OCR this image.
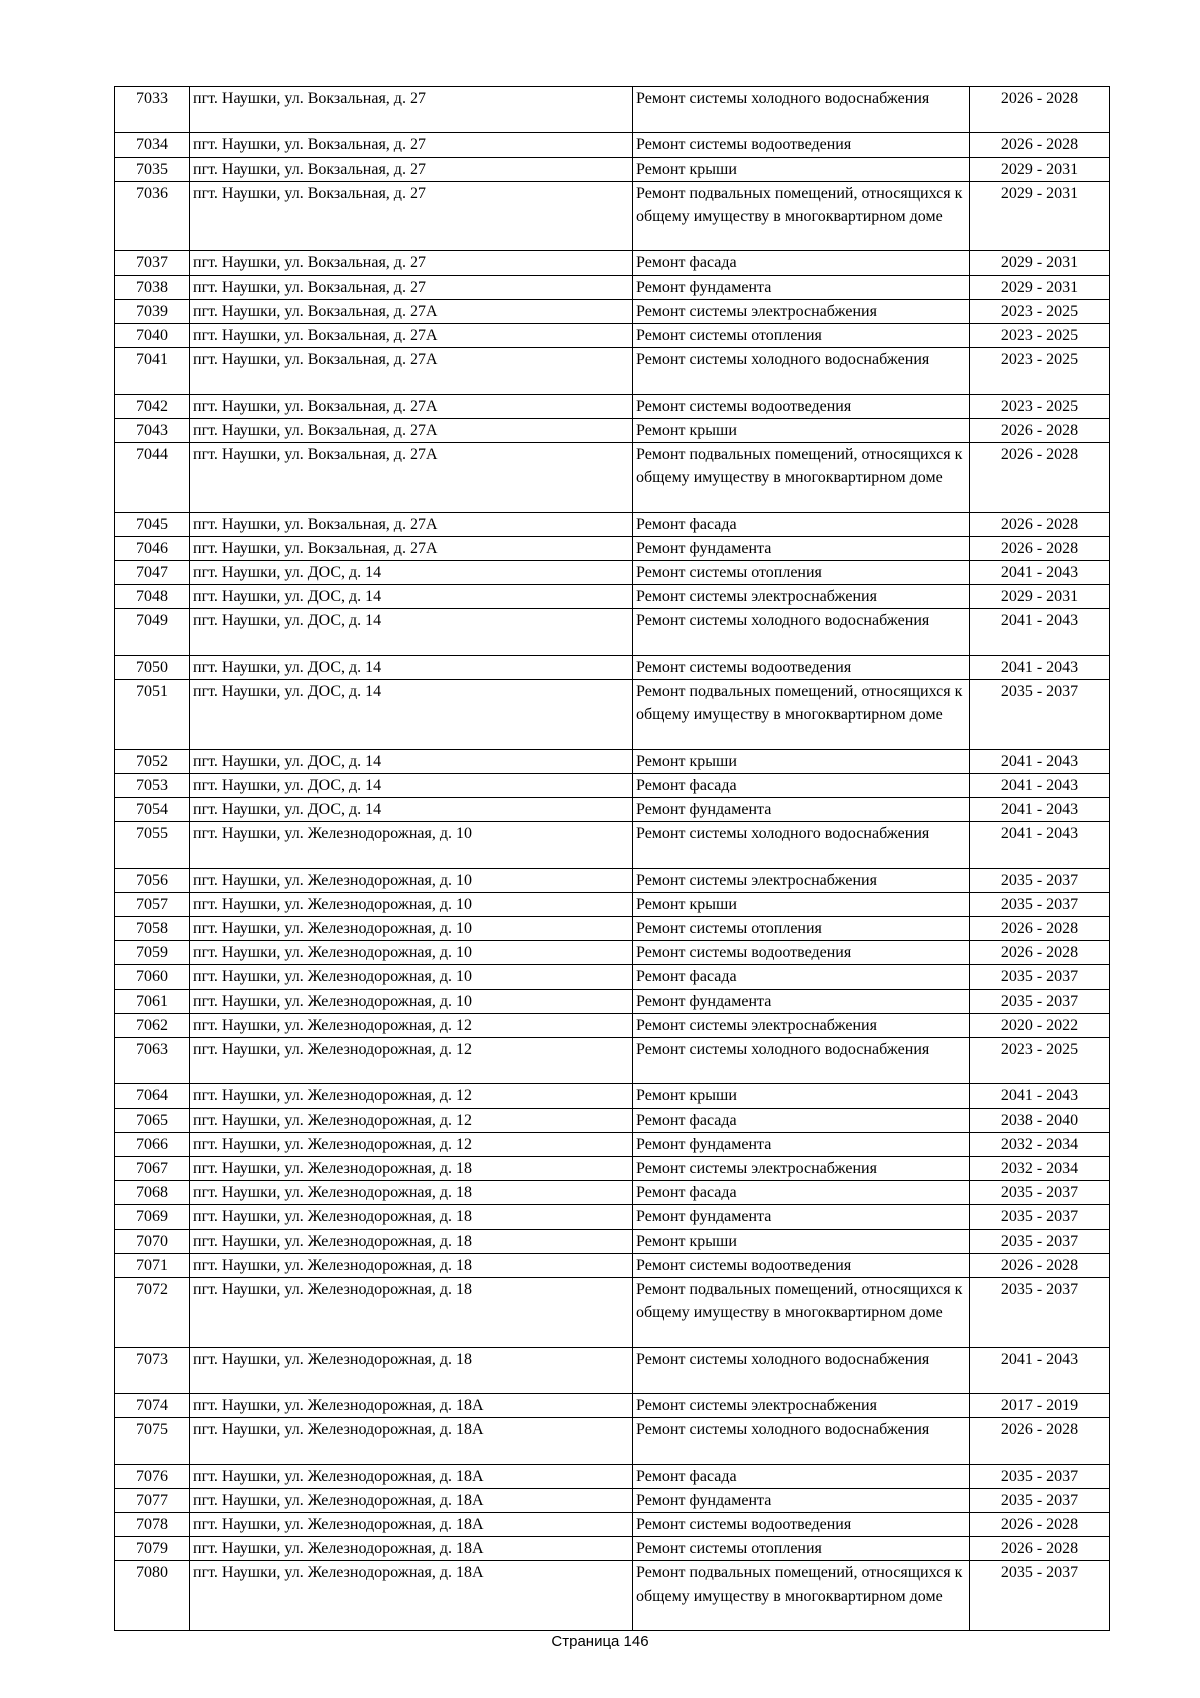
7033	пгт. Наушки, ул. Вокзальная, д. 27	Ремонт системы холодного водоснабжения	2026 - 2028
7034	пгт. Наушки, ул. Вокзальная, д. 27	Ремонт системы водоотведения	2026 - 2028
7035	пгт. Наушки, ул. Вокзальная, д. 27	Ремонт крыши	2029 - 2031
7036	пгт. Наушки, ул. Вокзальная, д. 27	Ремонт подвальных помещений, относящихся к общему имуществу в многоквартирном доме	2029 - 2031
7037	пгт. Наушки, ул. Вокзальная, д. 27	Ремонт фасада	2029 - 2031
7038	пгт. Наушки, ул. Вокзальная, д. 27	Ремонт фундамента	2029 - 2031
7039	пгт. Наушки, ул. Вокзальная, д. 27А	Ремонт системы электроснабжения	2023 - 2025
7040	пгт. Наушки, ул. Вокзальная, д. 27А	Ремонт системы отопления	2023 - 2025
7041	пгт. Наушки, ул. Вокзальная, д. 27А	Ремонт системы холодного водоснабжения	2023 - 2025
7042	пгт. Наушки, ул. Вокзальная, д. 27А	Ремонт системы водоотведения	2023 - 2025
7043	пгт. Наушки, ул. Вокзальная, д. 27А	Ремонт крыши	2026 - 2028
7044	пгт. Наушки, ул. Вокзальная, д. 27А	Ремонт подвальных помещений, относящихся к общему имуществу в многоквартирном доме	2026 - 2028
7045	пгт. Наушки, ул. Вокзальная, д. 27А	Ремонт фасада	2026 - 2028
7046	пгт. Наушки, ул. Вокзальная, д. 27А	Ремонт фундамента	2026 - 2028
7047	пгт. Наушки, ул. ДОС, д. 14	Ремонт системы отопления	2041 - 2043
7048	пгт. Наушки, ул. ДОС, д. 14	Ремонт системы электроснабжения	2029 - 2031
7049	пгт. Наушки, ул. ДОС, д. 14	Ремонт системы холодного водоснабжения	2041 - 2043
7050	пгт. Наушки, ул. ДОС, д. 14	Ремонт системы водоотведения	2041 - 2043
7051	пгт. Наушки, ул. ДОС, д. 14	Ремонт подвальных помещений, относящихся к общему имуществу в многоквартирном доме	2035 - 2037
7052	пгт. Наушки, ул. ДОС, д. 14	Ремонт крыши	2041 - 2043
7053	пгт. Наушки, ул. ДОС, д. 14	Ремонт фасада	2041 - 2043
7054	пгт. Наушки, ул. ДОС, д. 14	Ремонт фундамента	2041 - 2043
7055	пгт. Наушки, ул. Железнодорожная, д. 10	Ремонт системы холодного водоснабжения	2041 - 2043
7056	пгт. Наушки, ул. Железнодорожная, д. 10	Ремонт системы электроснабжения	2035 - 2037
7057	пгт. Наушки, ул. Железнодорожная, д. 10	Ремонт крыши	2035 - 2037
7058	пгт. Наушки, ул. Железнодорожная, д. 10	Ремонт системы отопления	2026 - 2028
7059	пгт. Наушки, ул. Железнодорожная, д. 10	Ремонт системы водоотведения	2026 - 2028
7060	пгт. Наушки, ул. Железнодорожная, д. 10	Ремонт фасада	2035 - 2037
7061	пгт. Наушки, ул. Железнодорожная, д. 10	Ремонт фундамента	2035 - 2037
7062	пгт. Наушки, ул. Железнодорожная, д. 12	Ремонт системы электроснабжения	2020 - 2022
7063	пгт. Наушки, ул. Железнодорожная, д. 12	Ремонт системы холодного водоснабжения	2023 - 2025
7064	пгт. Наушки, ул. Железнодорожная, д. 12	Ремонт крыши	2041 - 2043
7065	пгт. Наушки, ул. Железнодорожная, д. 12	Ремонт фасада	2038 - 2040
7066	пгт. Наушки, ул. Железнодорожная, д. 12	Ремонт фундамента	2032 - 2034
7067	пгт. Наушки, ул. Железнодорожная, д. 18	Ремонт системы электроснабжения	2032 - 2034
7068	пгт. Наушки, ул. Железнодорожная, д. 18	Ремонт фасада	2035 - 2037
7069	пгт. Наушки, ул. Железнодорожная, д. 18	Ремонт фундамента	2035 - 2037
7070	пгт. Наушки, ул. Железнодорожная, д. 18	Ремонт крыши	2035 - 2037
7071	пгт. Наушки, ул. Железнодорожная, д. 18	Ремонт системы водоотведения	2026 - 2028
7072	пгт. Наушки, ул. Железнодорожная, д. 18	Ремонт подвальных помещений, относящихся к общему имуществу в многоквартирном доме	2035 - 2037
7073	пгт. Наушки, ул. Железнодорожная, д. 18	Ремонт системы холодного водоснабжения	2041 - 2043
7074	пгт. Наушки, ул. Железнодорожная, д. 18А	Ремонт системы электроснабжения	2017 - 2019
7075	пгт. Наушки, ул. Железнодорожная, д. 18А	Ремонт системы холодного водоснабжения	2026 - 2028
7076	пгт. Наушки, ул. Железнодорожная, д. 18А	Ремонт фасада	2035 - 2037
7077	пгт. Наушки, ул. Железнодорожная, д. 18А	Ремонт фундамента	2035 - 2037
7078	пгт. Наушки, ул. Железнодорожная, д. 18А	Ремонт системы водоотведения	2026 - 2028
7079	пгт. Наушки, ул. Железнодорожная, д. 18А	Ремонт системы отопления	2026 - 2028
7080	пгт. Наушки, ул. Железнодорожная, д. 18А	Ремонт подвальных помещений, относящихся к общему имуществу в многоквартирном доме	2035 - 2037
Страница 146
